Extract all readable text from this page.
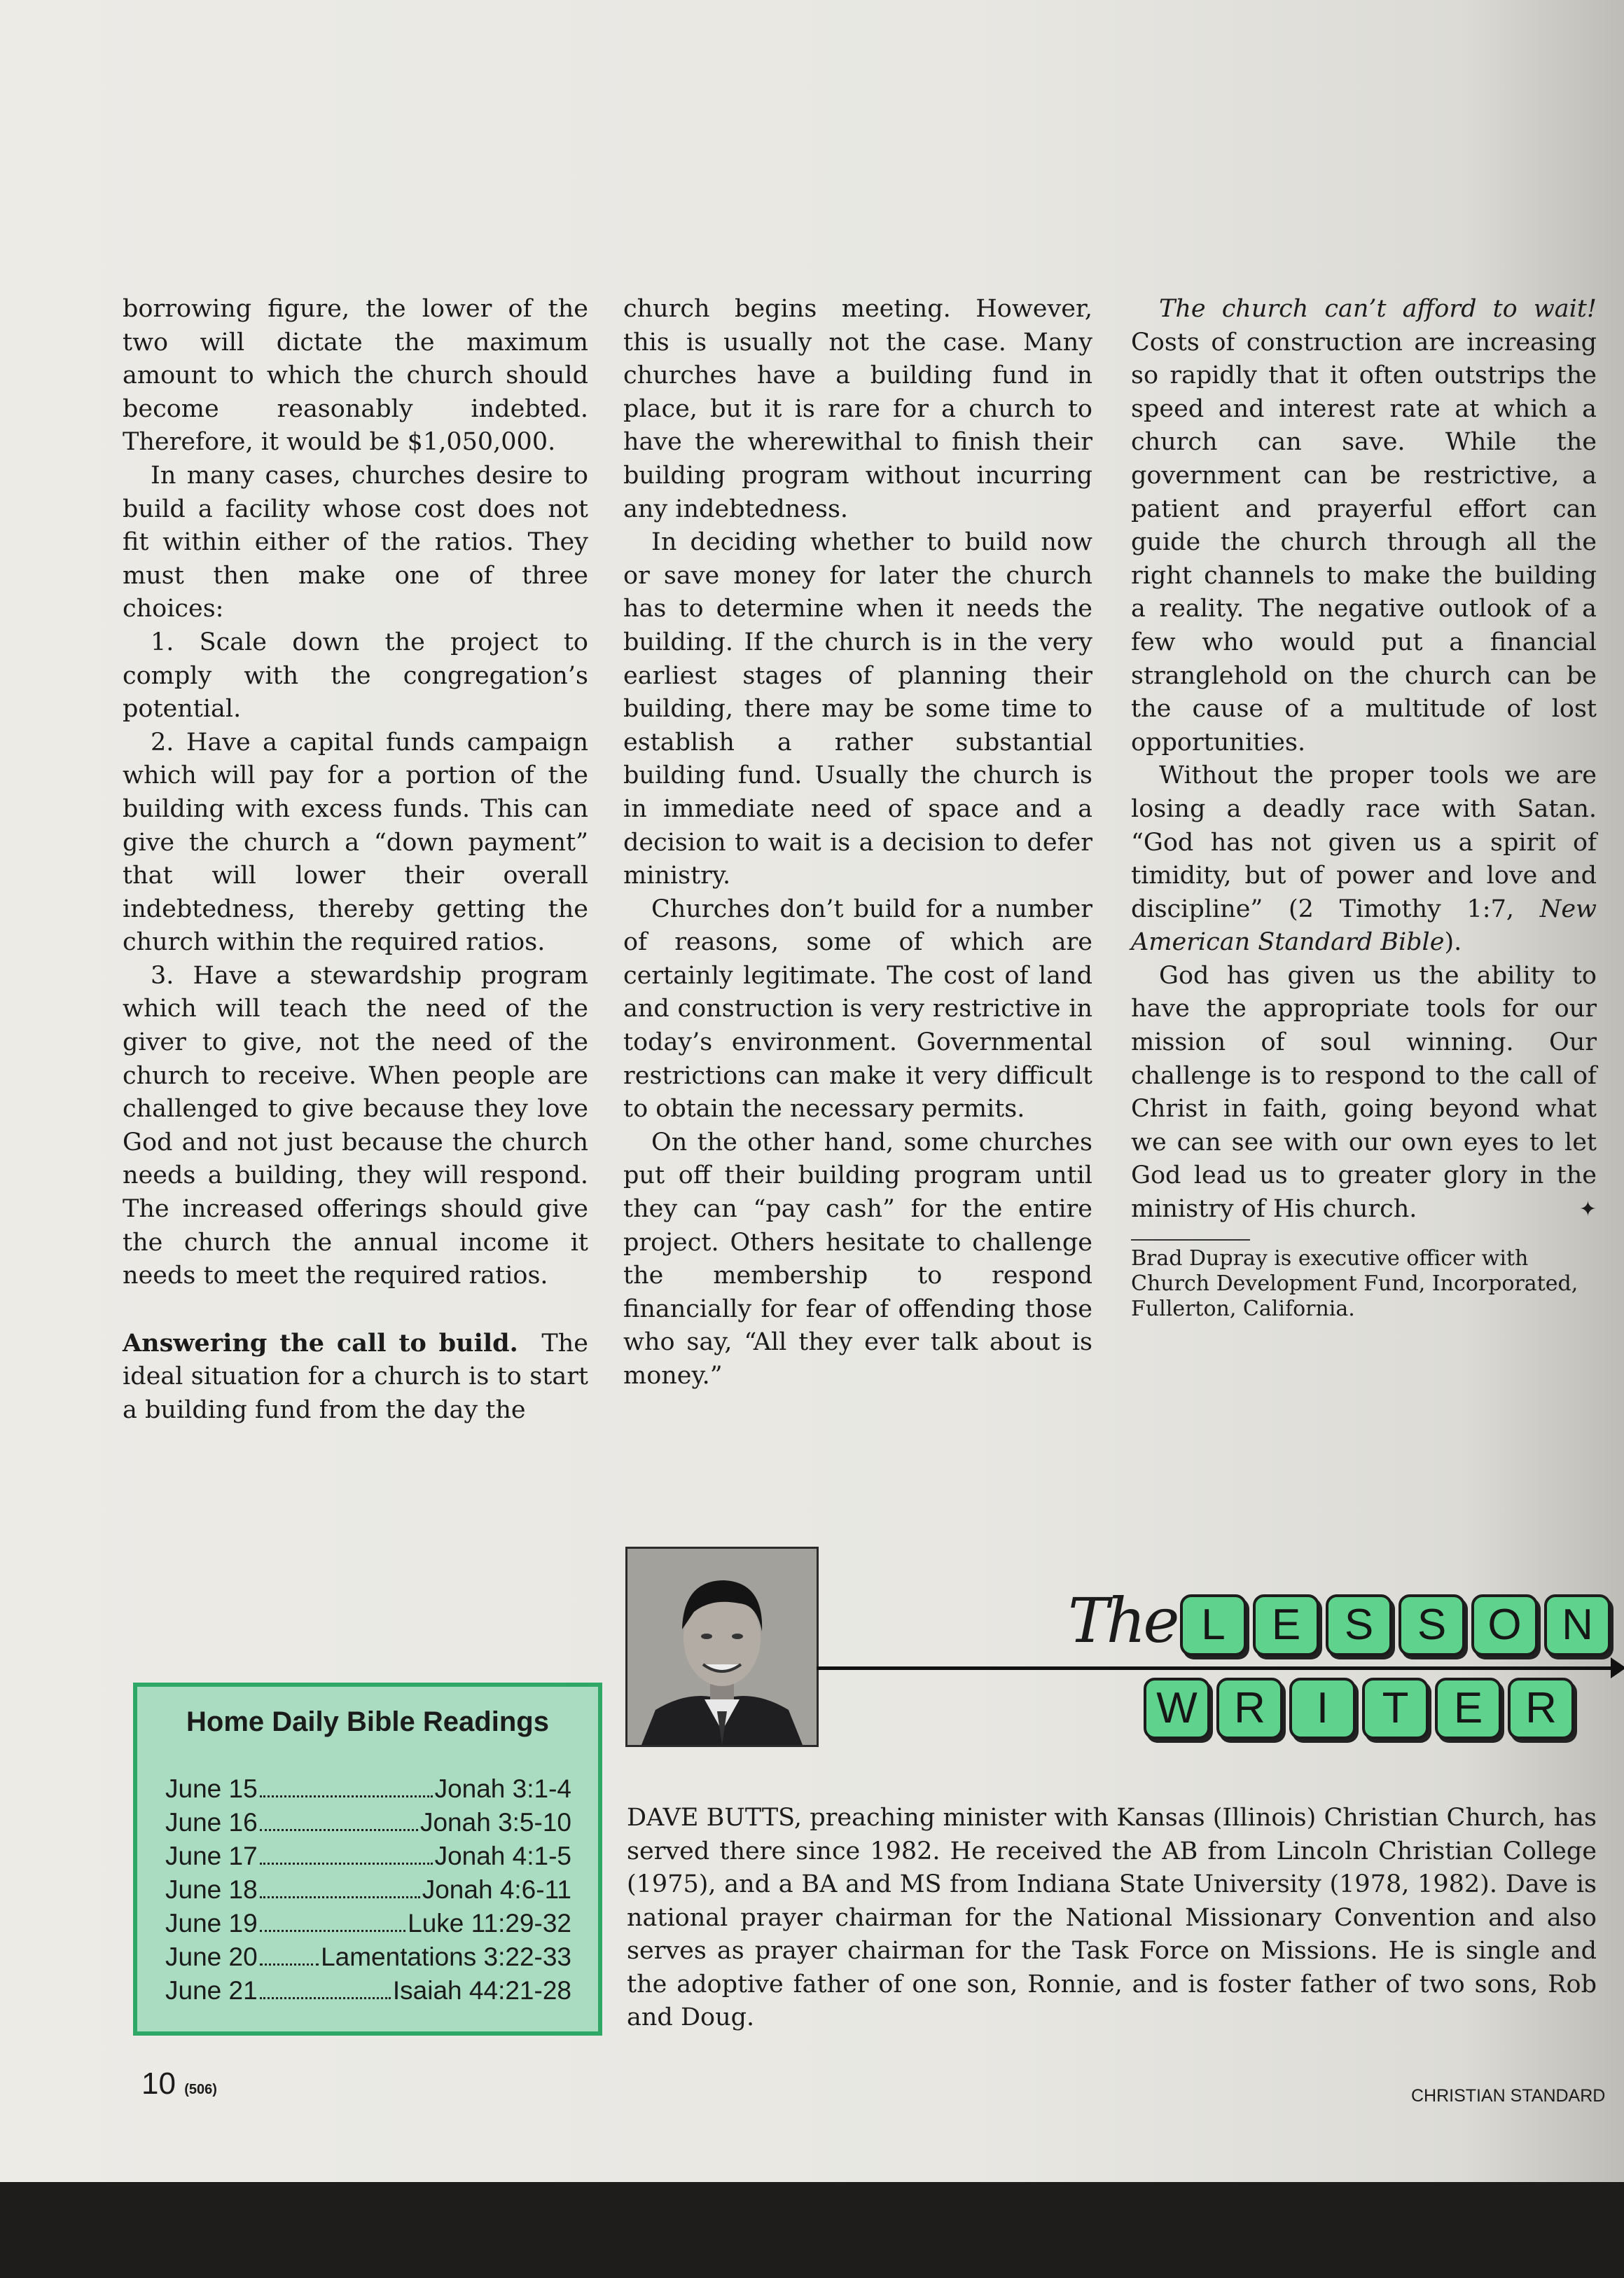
borrowing figure, the lower of the two will dictate the maximum amount to which the church should become reasonably indebted. Therefore, it would be $1,050,000.

In many cases, churches desire to build a facility whose cost does not fit within either of the ratios. They must then make one of three choices:

1. Scale down the project to comply with the congregation’s potential.

2. Have a capital funds campaign which will pay for a portion of the building with excess funds. This can give the church a “down payment” that will lower their overall indebtedness, thereby getting the church within the required ratios.

3. Have a stewardship program which will teach the need of the giver to give, not the need of the church to receive. When people are challenged to give because they love God and not just because the church needs a building, they will respond. The increased offerings should give the church the annual income it needs to meet the required ratios.

Answering the call to build. The ideal situation for a church is to start a building fund from the day the

church begins meeting. However, this is usually not the case. Many churches have a building fund in place, but it is rare for a church to have the wherewithal to finish their building program without incurring any indebtedness.

In deciding whether to build now or save money for later the church has to determine when it needs the building. If the church is in the very earliest stages of planning their building, there may be some time to establish a rather substantial building fund. Usually the church is in immediate need of space and a decision to wait is a decision to defer ministry.

Churches don’t build for a number of reasons, some of which are certainly legitimate. The cost of land and construction is very restrictive in today’s environment. Governmental restrictions can make it very difficult to obtain the necessary permits.

On the other hand, some churches put off their building program until they can “pay cash” for the entire project. Others hesitate to challenge the membership to respond financially for fear of offending those who say, “All they ever talk about is money.”

The church can’t afford to wait! Costs of construction are increasing so rapidly that it often outstrips the speed and interest rate at which a church can save. While the government can be restrictive, a patient and prayerful effort can guide the church through all the right channels to make the building a reality. The negative outlook of a few who would put a financial stranglehold on the church can be the cause of a multitude of lost opportunities.

Without the proper tools we are losing a deadly race with Satan. “God has not given us a spirit of timidity, but of power and love and discipline” (2 Timothy 1:7, New American Standard Bible).

God has given us the ability to have the appropriate tools for our mission of soul winning. Our challenge is to respond to the call of Christ in faith, going beyond what we can see with our own eyes to let God lead us to greater glory in the ministry of His church.	✦

Brad Dupray is executive officer with Church Development Fund, Incorporated, Fullerton, California.
Home Daily Bible Readings
June 15	Jonah 3:1-4
June 16	Jonah 3:5-10
June 17	Jonah 4:1-5
June 18	Jonah 4:6-11
June 19	Luke 11:29-32
June 20 Lamentations 3:22-33
June 21	Isaiah 44:21-28
The L	E	S	S O N
W R	I	T	E R
DAVE BUTTS, preaching minister with Kansas (Illinois) Christian Church, has served there since 1982. He received the AB from Lincoln Christian College (1975), and a BA and MS from Indiana State University (1978, 1982). Dave is national prayer chairman for the National Missionary Convention and also serves as prayer chairman for the Task Force on Missions. He is single and the adoptive father of one son, Ronnie, and is foster father of two sons, Rob and Doug.
10 (506)	CHRISTIAN STANDARD
